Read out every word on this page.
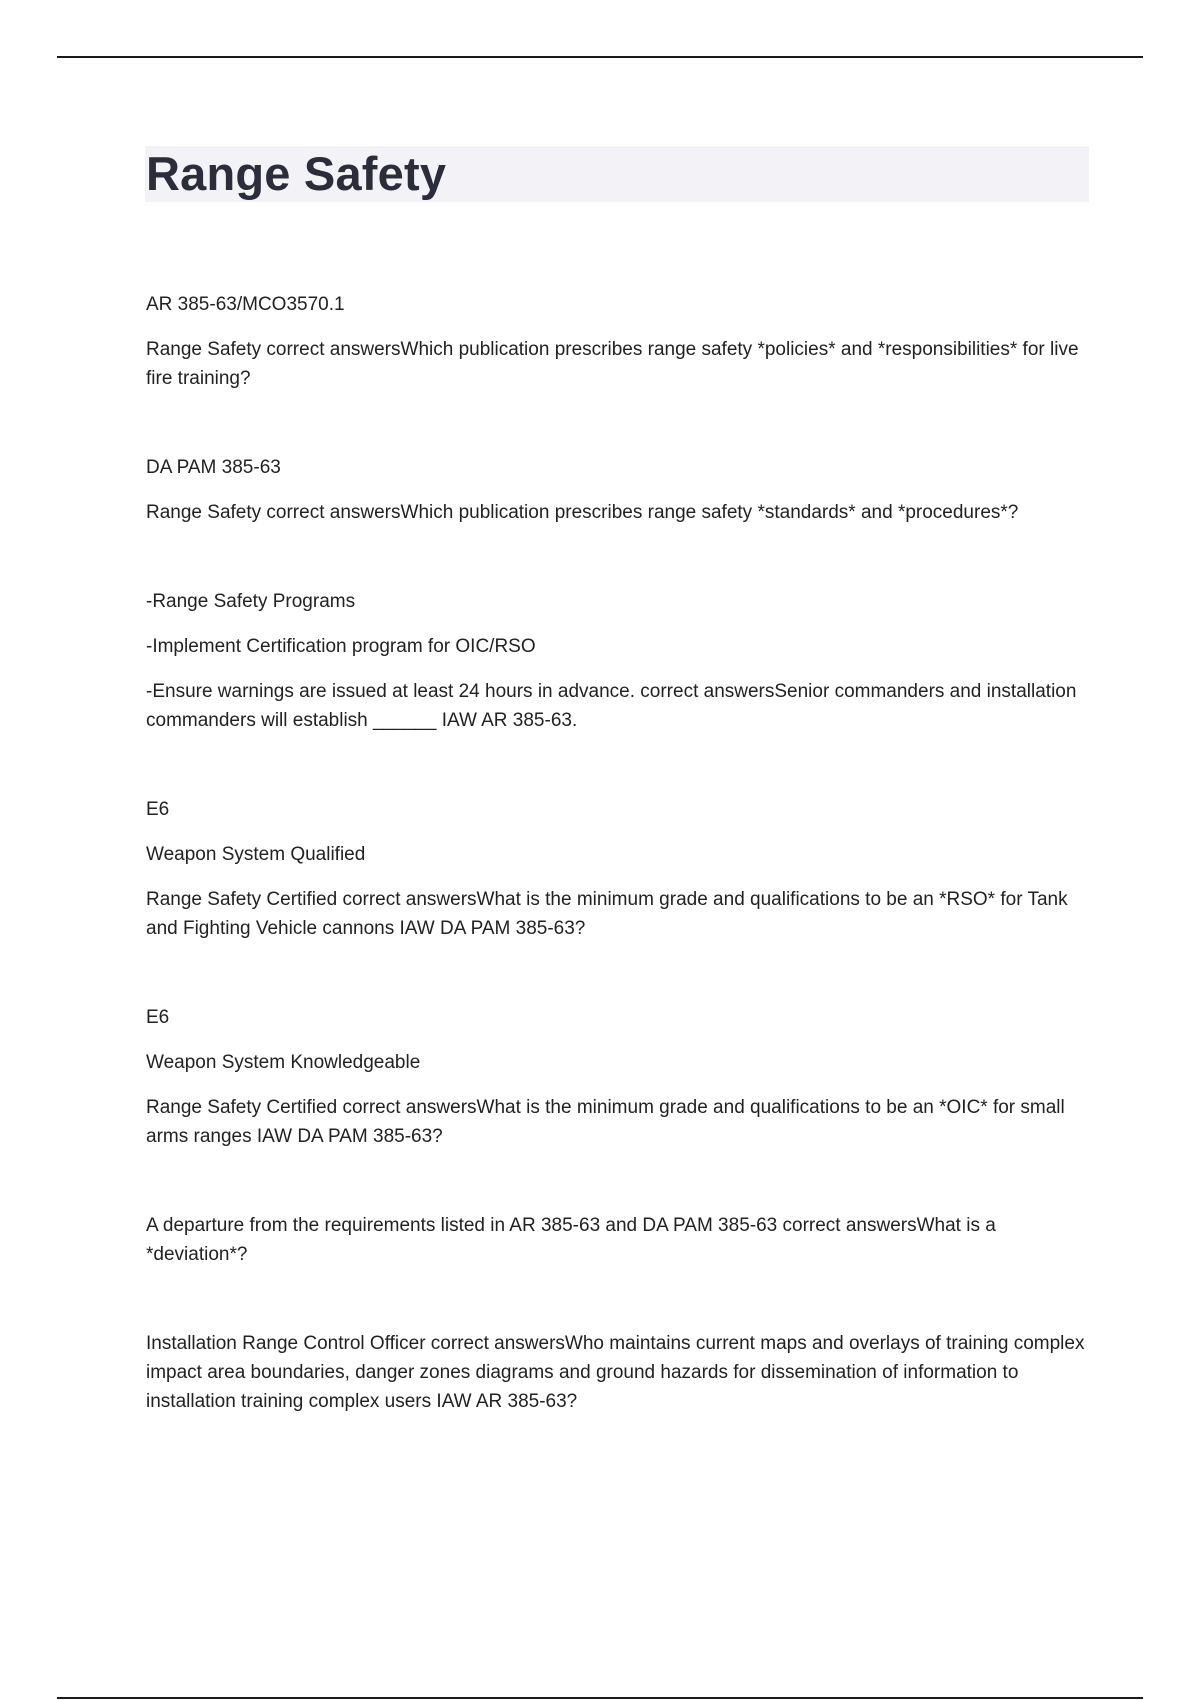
Range Safety

AR 385-63/MCO3570.1

Range Safety correct answersWhich publication prescribes range safety *policies* and *responsibilities* for live fire training?

DA PAM 385-63

Range Safety correct answersWhich publication prescribes range safety *standards* and *procedures*?

-Range Safety Programs

-Implement Certification program for OIC/RSO

-Ensure warnings are issued at least 24 hours in advance. correct answersSenior commanders and installation commanders will establish ______ IAW AR 385-63.

E6

Weapon System Qualified

Range Safety Certified correct answersWhat is the minimum grade and qualifications to be an *RSO* for Tank and Fighting Vehicle cannons IAW DA PAM 385-63?

E6

Weapon System Knowledgeable

Range Safety Certified correct answersWhat is the minimum grade and qualifications to be an *OIC* for small arms ranges IAW DA PAM 385-63?

A departure from the requirements listed in AR 385-63 and DA PAM 385-63 correct answersWhat is a *deviation*?

Installation Range Control Officer correct answersWho maintains current maps and overlays of training complex impact area boundaries, danger zones diagrams and ground hazards for dissemination of information to installation training complex users IAW AR 385-63?
